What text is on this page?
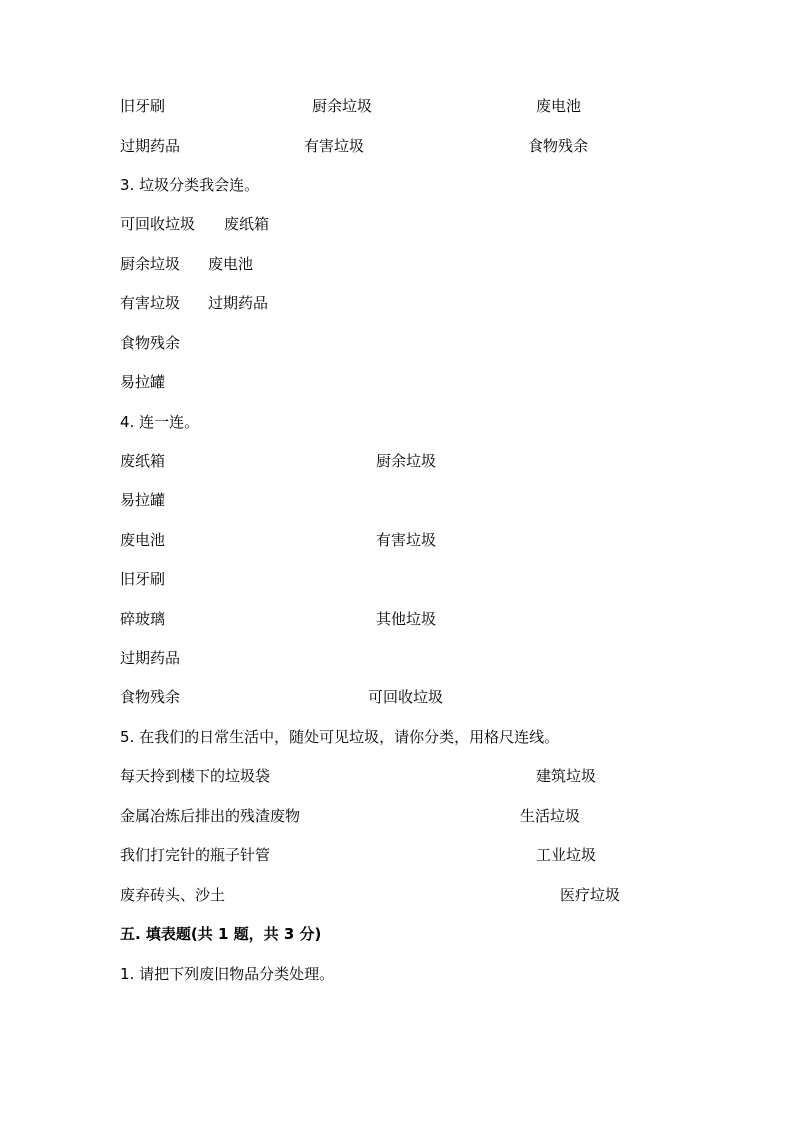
旧牙刷	厨余垃圾	废电池
过期药品	有害垃圾	食物残余
3. 垃圾分类我会连。
可回收垃圾 废纸箱
厨余垃圾 废电池
有害垃圾 过期药品
食物残余
易拉罐
4. 连一连。
废纸箱	厨余垃圾
易拉罐
废电池	有害垃圾
旧牙刷
碎玻璃	其他垃圾
过期药品
食物残余	可回收垃圾
5. 在我们的日常生活中，随处可见垃圾，请你分类，用格尺连线。
每天拎到楼下的垃圾袋	建筑垃圾
金属冶炼后排出的残渣废物	生活垃圾
我们打完针的瓶子针管	工业垃圾
废弃砖头、沙土	医疗垃圾
五. 填表题(共 1 题，共 3 分)
1. 请把下列废旧物品分类处理。
